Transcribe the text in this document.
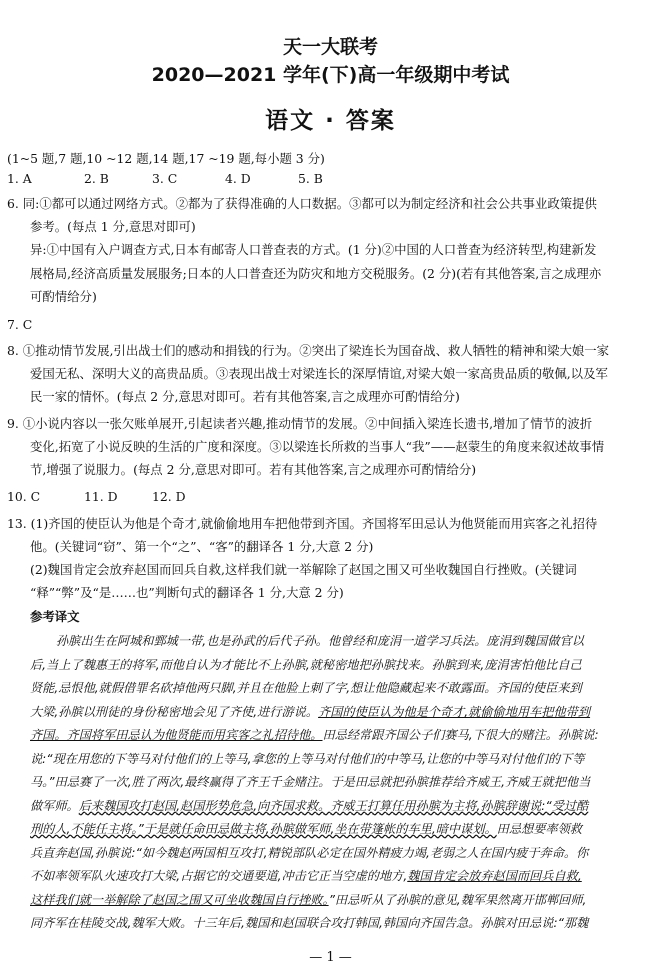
天一大联考
2020—2021 学年(下)高一年级期中考试
语文 · 答案
(1~5 题,7 题,10 ~12 题,14 题,17 ~19 题,每小题 3 分)
1. A	2. B	3. C	4. D	5. B
6. 同:①都可以通过网络方式。②都为了获得准确的人口数据。③都可以为制定经济和社会公共事业政策提供
参考。(每点 1 分,意思对即可)
异:①中国有入户调查方式,日本有邮寄人口普查表的方式。(1 分)②中国的人口普查为经济转型,构建新发
展格局,经济高质量发展服务;日本的人口普查还为防灾和地方交税服务。(2 分)(若有其他答案,言之成理亦
可酌情给分)
7. C
8. ①推动情节发展,引出战士们的感动和捐钱的行为。②突出了梁连长为国奋战、救人牺牲的精神和梁大娘一家
爱国无私、深明大义的高贵品质。③表现出战士对梁连长的深厚情谊,对梁大娘一家高贵品质的敬佩,以及军
民一家的情怀。(每点 2 分,意思对即可。若有其他答案,言之成理亦可酌情给分)
9. ①小说内容以一张欠账单展开,引起读者兴趣,推动情节的发展。②中间插入梁连长遗书,增加了情节的波折
变化,拓宽了小说反映的生活的广度和深度。③以梁连长所救的当事人“我”——赵蒙生的角度来叙述故事情
节,增强了说服力。(每点 2 分,意思对即可。若有其他答案,言之成理亦可酌情给分)
10. C	11. D	12. D
13. (1)齐国的使臣认为他是个奇才,就偷偷地用车把他带到齐国。齐国将军田忌认为他贤能而用宾客之礼招待
他。(关键词“窃”、第一个“之”、“客”的翻译各 1 分,大意 2 分)
(2)魏国肯定会放弃赵国而回兵自救,这样我们就一举解除了赵国之围又可坐收魏国自行挫败。(关键词
“释”“弊”及“是……也”判断句式的翻译各 1 分,大意 2 分)
参考译文
孙膑出生在阿城和鄄城一带,也是孙武的后代子孙。他曾经和庞涓一道学习兵法。庞涓到魏国做官以
后,当上了魏惠王的将军,而他自认为才能比不上孙膑,就秘密地把孙膑找来。孙膑到来,庞涓害怕他比自己
贤能,忌恨他,就假借罪名砍掉他两只脚,并且在他脸上刺了字,想让他隐藏起来不敢露面。齐国的使臣来到
大梁,孙膑以刑徒的身份秘密地会见了齐使,进行游说。齐国的使臣认为他是个奇才,就偷偷地用车把他带到
齐国。齐国将军田忌认为他贤能而用宾客之礼招待他。田忌经常跟齐国公子们赛马,下很大的赌注。孙膑说:
说:“现在用您的下等马对付他们的上等马,拿您的上等马对付他们的中等马,让您的中等马对付他们的下等
马。”田忌赛了一次,胜了两次,最终赢得了齐王千金赌注。于是田忌就把孙膑推荐给齐威王,齐威王就把他当
做军师。后来魏国攻打赵国,赵国形势危急,向齐国求救。齐威王打算任用孙膑为主将,孙膑辞谢说:“受过酷
刑的人,不能任主将。”于是就任命田忌做主将,孙膑做军师,坐在带篷帐的车里,暗中谋划。田忌想要率领救
兵直奔赵国,孙膑说:“如今魏赵两国相互攻打,精锐部队必定在国外精疲力竭,老弱之人在国内疲于奔命。你
不如率领军队火速攻打大梁,占据它的交通要道,冲击它正当空虚的地方,魏国肯定会放弃赵国而回兵自救,
这样我们就一举解除了赵国之围又可坐收魏国自行挫败。”田忌听从了孙膑的意见,魏军果然离开邯郸回师,
同齐军在桂陵交战,魏军大败。十三年后,魏国和赵国联合攻打韩国,韩国向齐国告急。孙膑对田忌说:“那魏
— 1 —
